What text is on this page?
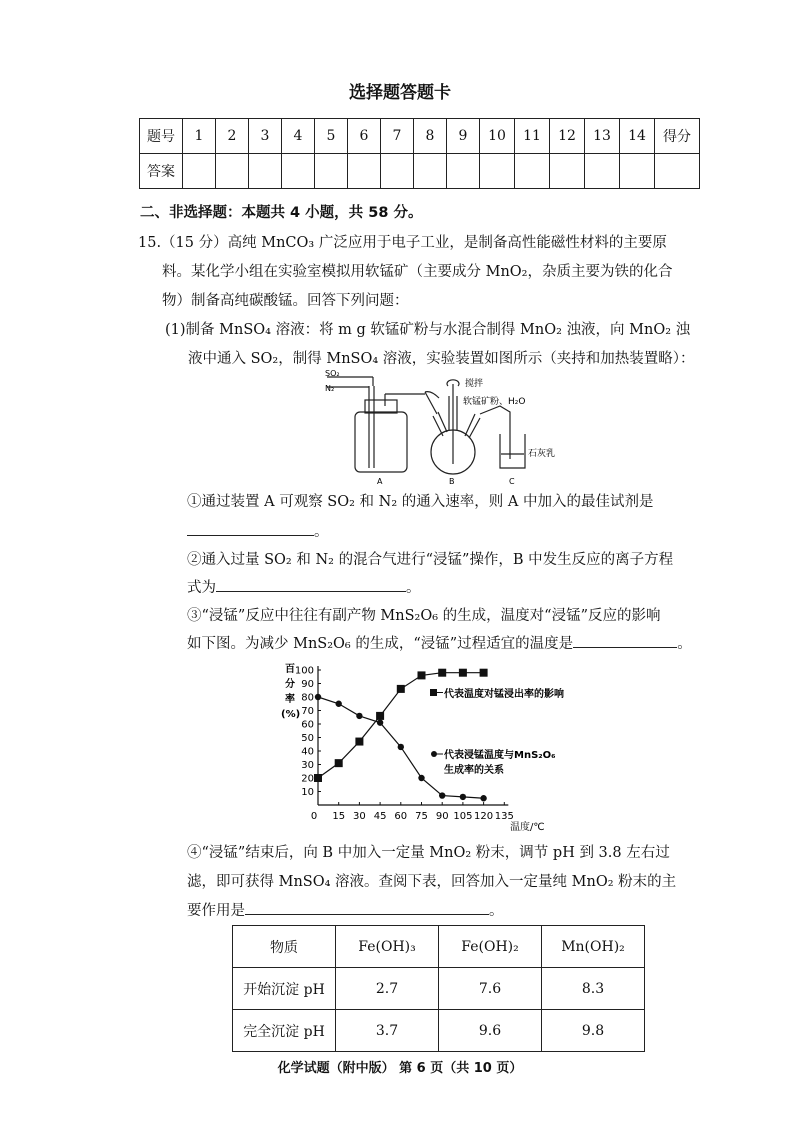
选择题答题卡
题号	1	2	3	4	5	6	7	8	9	10	11	12	13	14	得分
答案															
二、非选择题：本题共 4 小题，共 58 分。
15.（15 分）高纯 MnCO₃ 广泛应用于电子工业，是制备高性能磁性材料的主要原
料。某化学小组在实验室模拟用软锰矿（主要成分 MnO₂，杂质主要为铁的化合
物）制备高纯碳酸锰。回答下列问题：
(1)制备 MnSO₄ 溶液：将 m g 软锰矿粉与水混合制得 MnO₂ 浊液，向 MnO₂ 浊
液中通入 SO₂，制得 MnSO₄ 溶液，实验装置如图所示（夹持和加热装置略）：
SO₂
N₂	搅拌
软锰矿粉、H₂O
石灰乳
A	B	C
①通过装置 A 可观察 SO₂ 和 N₂ 的通入速率，则 A 中加入的最佳试剂是
。
②通入过量 SO₂ 和 N₂ 的混合气进行“浸锰”操作，B 中发生反应的离子方程
式为	。
③“浸锰”反应中往往有副产物 MnS₂O₆ 的生成，温度对“浸锰”反应的影响
如下图。为减少 MnS₂O₆ 的生成，“浸锰”过程适宜的温度是	。
百
分
率
(%)
温度/℃
0 15 30 45 60 75 90 105 120 135
10
20
30
40
50
60
70
80
90
100
代表温度对锰浸出率的影响
代表浸锰温度与MnS₂O₆
生成率的关系
④“浸锰”结束后，向 B 中加入一定量 MnO₂ 粉末，调节 pH 到 3.8 左右过
滤，即可获得 MnSO₄ 溶液。查阅下表，回答加入一定量纯 MnO₂ 粉末的主
要作用是	。
物质	Fe(OH)₃	Fe(OH)₂	Mn(OH)₂
开始沉淀 pH	2.7	7.6	8.3
完全沉淀 pH	3.7	9.6	9.8
化学试题（附中版） 第 6 页（共 10 页）
